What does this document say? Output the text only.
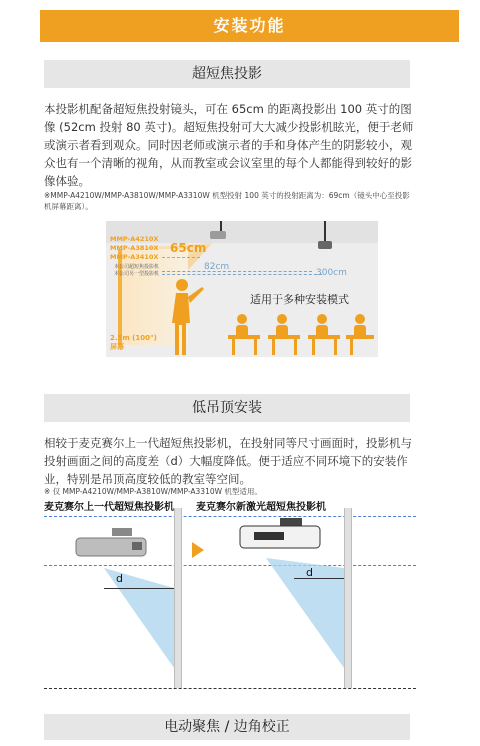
安装功能
超短焦投影

本投影机配备超短焦投射镜头，可在 65cm 的距离投影出 100 英寸的图像 (52cm 投射 80 英寸)。超短焦投射可大大减少投影机眩光，便于老师或演示者看到观众。同时因老师或演示者的手和身体产生的阴影较小，观众也有一个清晰的视角，从而教室或会议室里的每个人都能得到较好的影像体验。

※MMP-A4210W/MMP-A3810W/MMP-A3310W 机型投射 100 英寸的投射距离为：69cm（镜头中心至投影机屏幕距离）。
MMP-A4210X
MMP-A3810X
MMP-A3410X
65cm
82cm
300cm
本公司超短焦投影机
本公司另一型投影机
2.5m (100")
屏幕
适用于多种安装模式
低吊顶安装

相较于麦克赛尔上一代超短焦投影机，在投射同等尺寸画面时，投影机与投射画面之间的高度差（d）大幅度降低。便于适应不同环境下的安装作业，特别是吊顶高度较低的教室等空间。

※ 仅 MMP-A4210W/MMP-A3810W/MMP-A3310W 机型适用。
麦克赛尔上一代超短焦投影机 麦克赛尔新激光超短焦投影机
d	d
电动聚焦 / 边角校正
